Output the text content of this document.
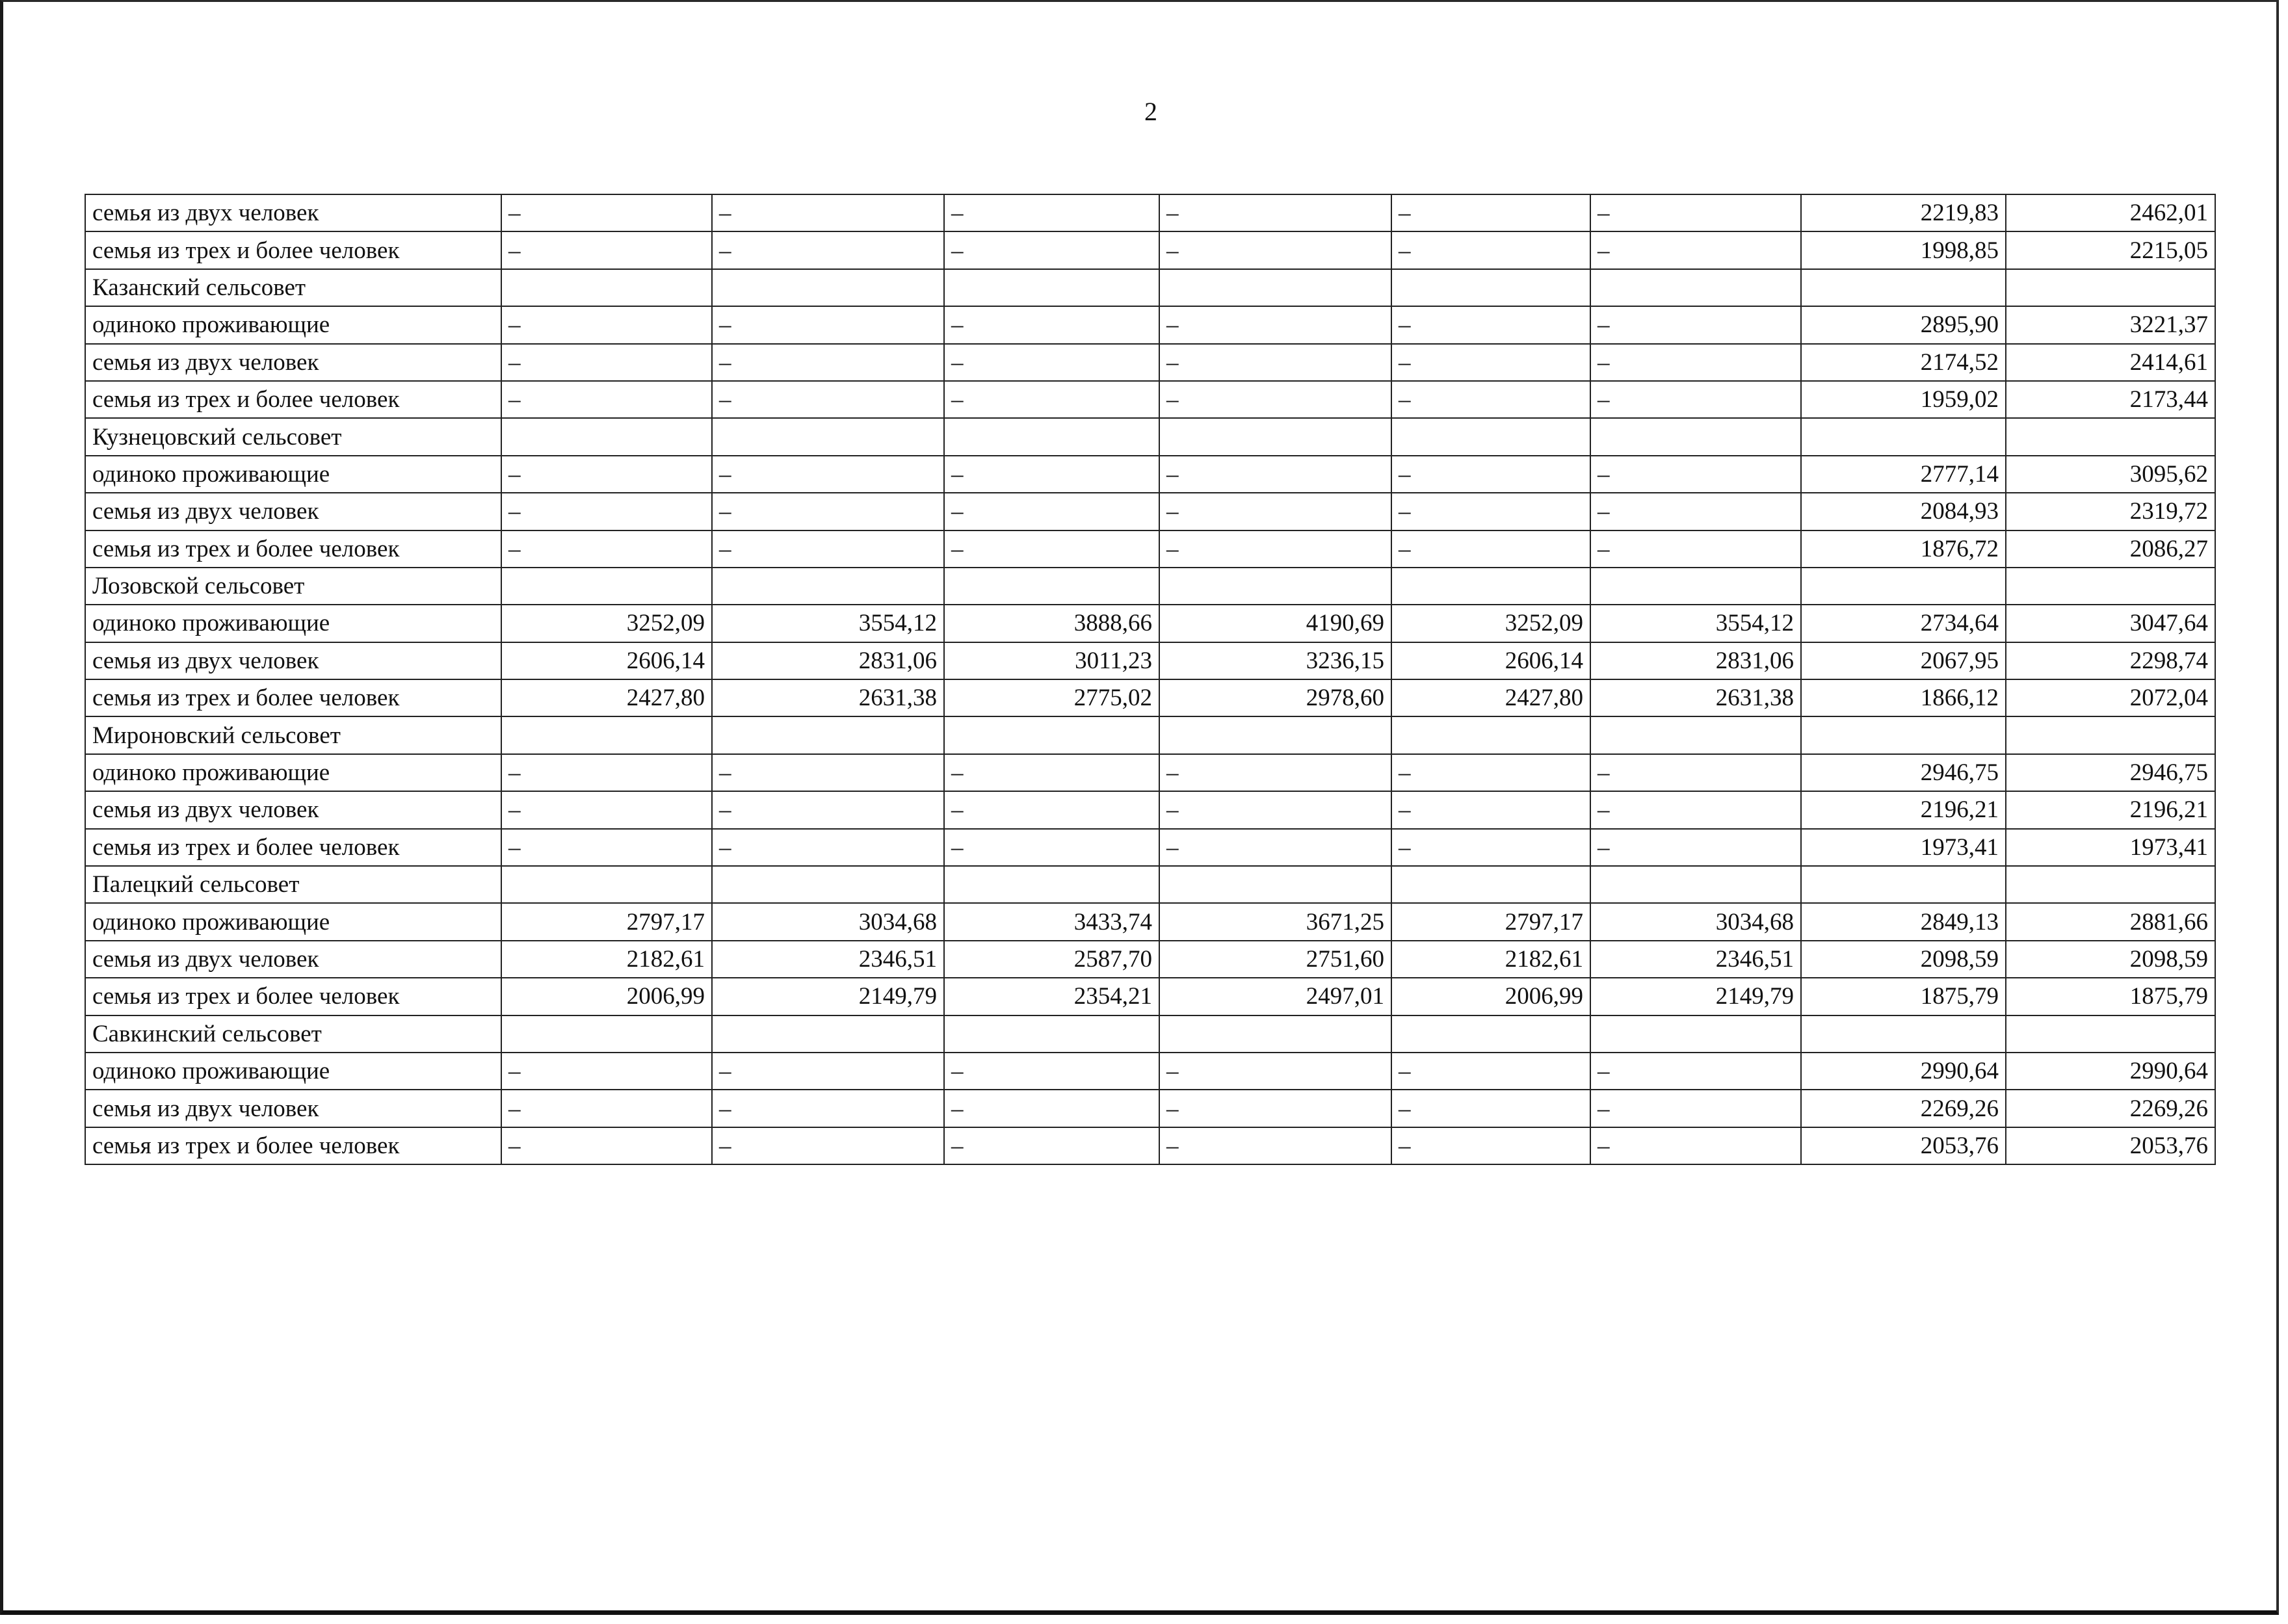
2
семья из двух человек	–	–	–	–	–	–	2219,83	2462,01
семья из трех и более человек	–	–	–	–	–	–	1998,85	2215,05
Казанский сельсовет								
одиноко проживающие	–	–	–	–	–	–	2895,90	3221,37
семья из двух человек	–	–	–	–	–	–	2174,52	2414,61
семья из трех и более человек	–	–	–	–	–	–	1959,02	2173,44
Кузнецовский сельсовет								
одиноко проживающие	–	–	–	–	–	–	2777,14	3095,62
семья из двух человек	–	–	–	–	–	–	2084,93	2319,72
семья из трех и более человек	–	–	–	–	–	–	1876,72	2086,27
Лозовской сельсовет								
одиноко проживающие	3252,09	3554,12	3888,66	4190,69	3252,09	3554,12	2734,64	3047,64
семья из двух человек	2606,14	2831,06	3011,23	3236,15	2606,14	2831,06	2067,95	2298,74
семья из трех и более человек	2427,80	2631,38	2775,02	2978,60	2427,80	2631,38	1866,12	2072,04
Мироновский сельсовет								
одиноко проживающие	–	–	–	–	–	–	2946,75	2946,75
семья из двух человек	–	–	–	–	–	–	2196,21	2196,21
семья из трех и более человек	–	–	–	–	–	–	1973,41	1973,41
Палецкий сельсовет								
одиноко проживающие	2797,17	3034,68	3433,74	3671,25	2797,17	3034,68	2849,13	2881,66
семья из двух человек	2182,61	2346,51	2587,70	2751,60	2182,61	2346,51	2098,59	2098,59
семья из трех и более человек	2006,99	2149,79	2354,21	2497,01	2006,99	2149,79	1875,79	1875,79
Савкинский сельсовет								
одиноко проживающие	–	–	–	–	–	–	2990,64	2990,64
семья из двух человек	–	–	–	–	–	–	2269,26	2269,26
семья из трех и более человек	–	–	–	–	–	–	2053,76	2053,76
